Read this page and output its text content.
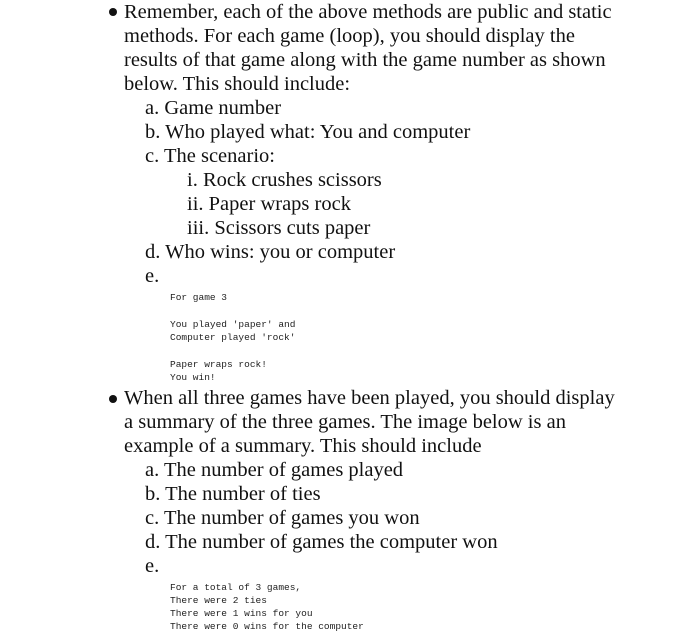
Remember, each of the above methods are public and static

methods. For each game (loop), you should display the

results of that game along with the game number as shown

below. This should include:

a. Game number

b. Who played what: You and computer

c. The scenario:

i. Rock crushes scissors

ii. Paper wraps rock

iii. Scissors cuts paper

d. Who wins: you or computer

e.

For game 3

You played 'paper' and

Computer played 'rock'

Paper wraps rock!

You win!

When all three games have been played, you should display

a summary of the three games. The image below is an

example of a summary. This should include

a. The number of games played

b. The number of ties

c. The number of games you won

d. The number of games the computer won

e.

For a total of 3 games,

There were 2 ties

There were 1 wins for you

There were 0 wins for the computer
